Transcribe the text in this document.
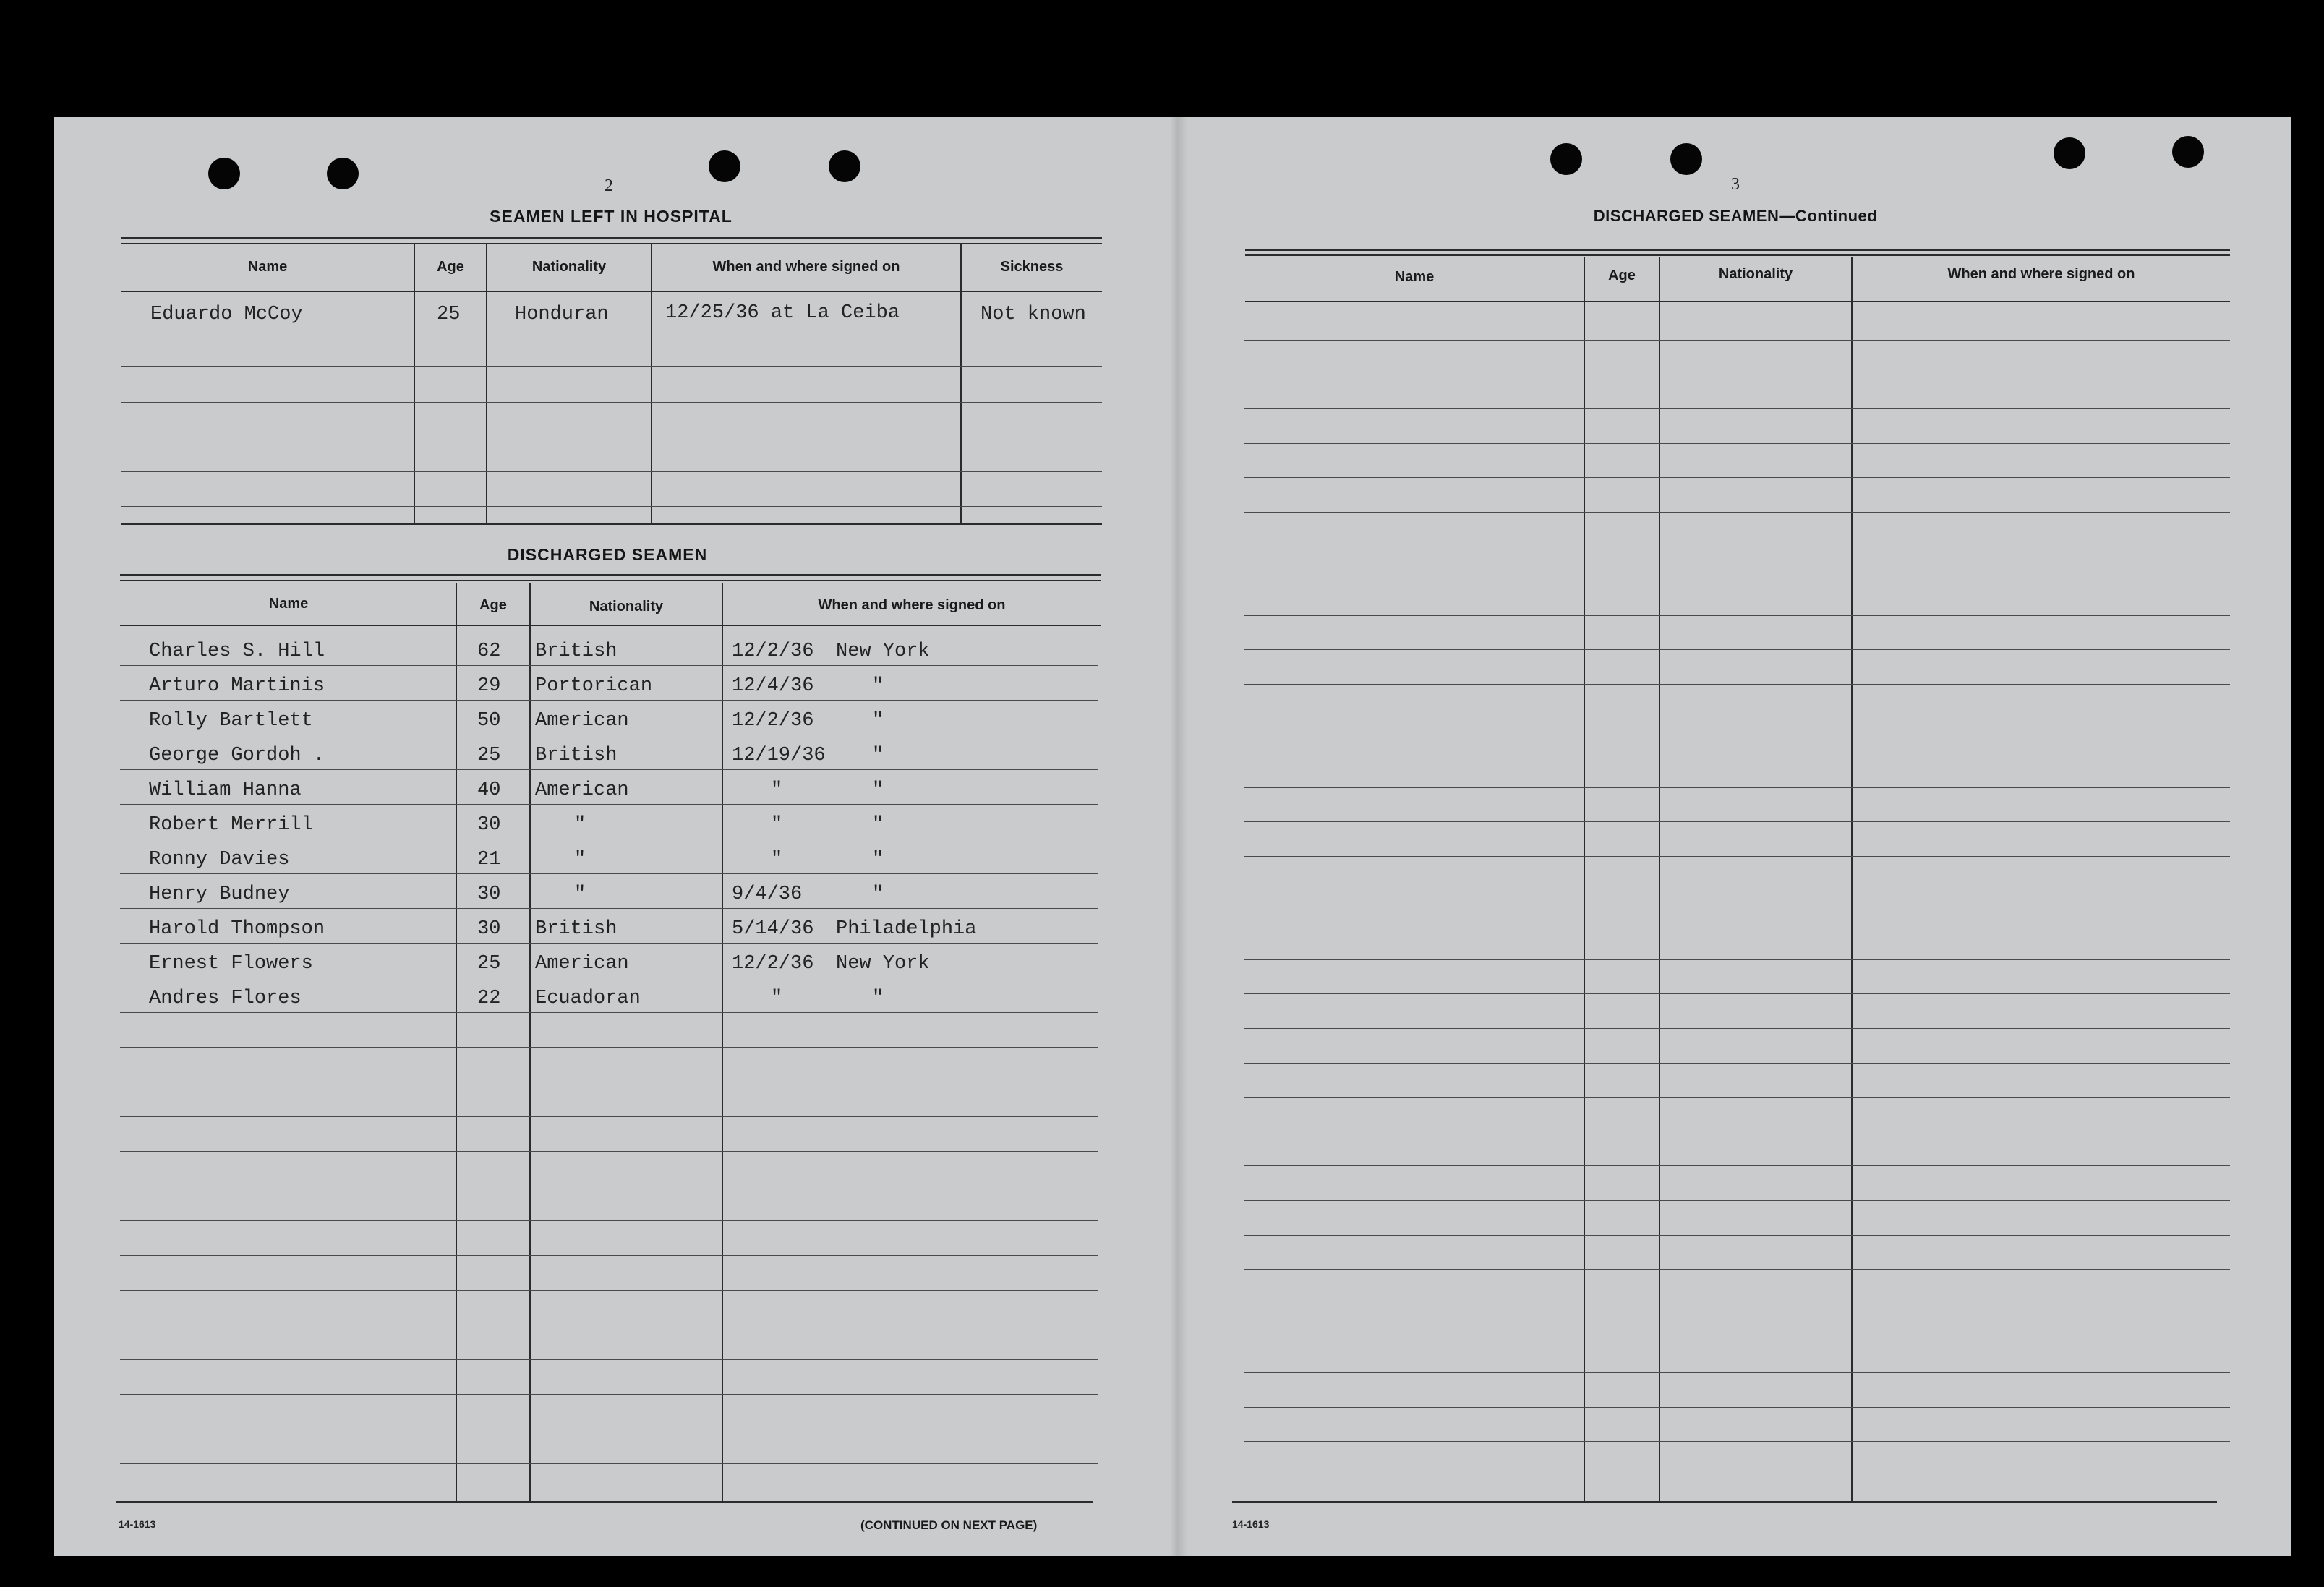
2
SEAMEN LEFT IN HOSPITAL
Name	Age	Nationality	When and where signed on	Sickness
Eduardo McCoy	25	Honduran	12/25/36 at La Ceiba	Not known
DISCHARGED SEAMEN
Name	Age	Nationality	When and where signed on
Charles S. Hill	62 British	12/2/36 New York
Arturo Martinis	29 Portorican	12/4/36	"
Rolly Bartlett	50 American	12/2/36	"
George Gordoh .	25 British	12/19/36 "
William Hanna	40 American	"	"
Robert Merrill	30	"	"	"
Ronny Davies	21	"	"	"
Henry Budney	30	"	9/4/36	"
Harold Thompson	30 British	5/14/36 Philadelphia
Ernest Flowers	25 American	12/2/36 New York
Andres Flores	22 Ecuadoran	"	"
14-1613	(CONTINUED ON NEXT PAGE)
3
DISCHARGED SEAMEN—Continued
Name	Age	Nationality	When and where signed on
14-1613
